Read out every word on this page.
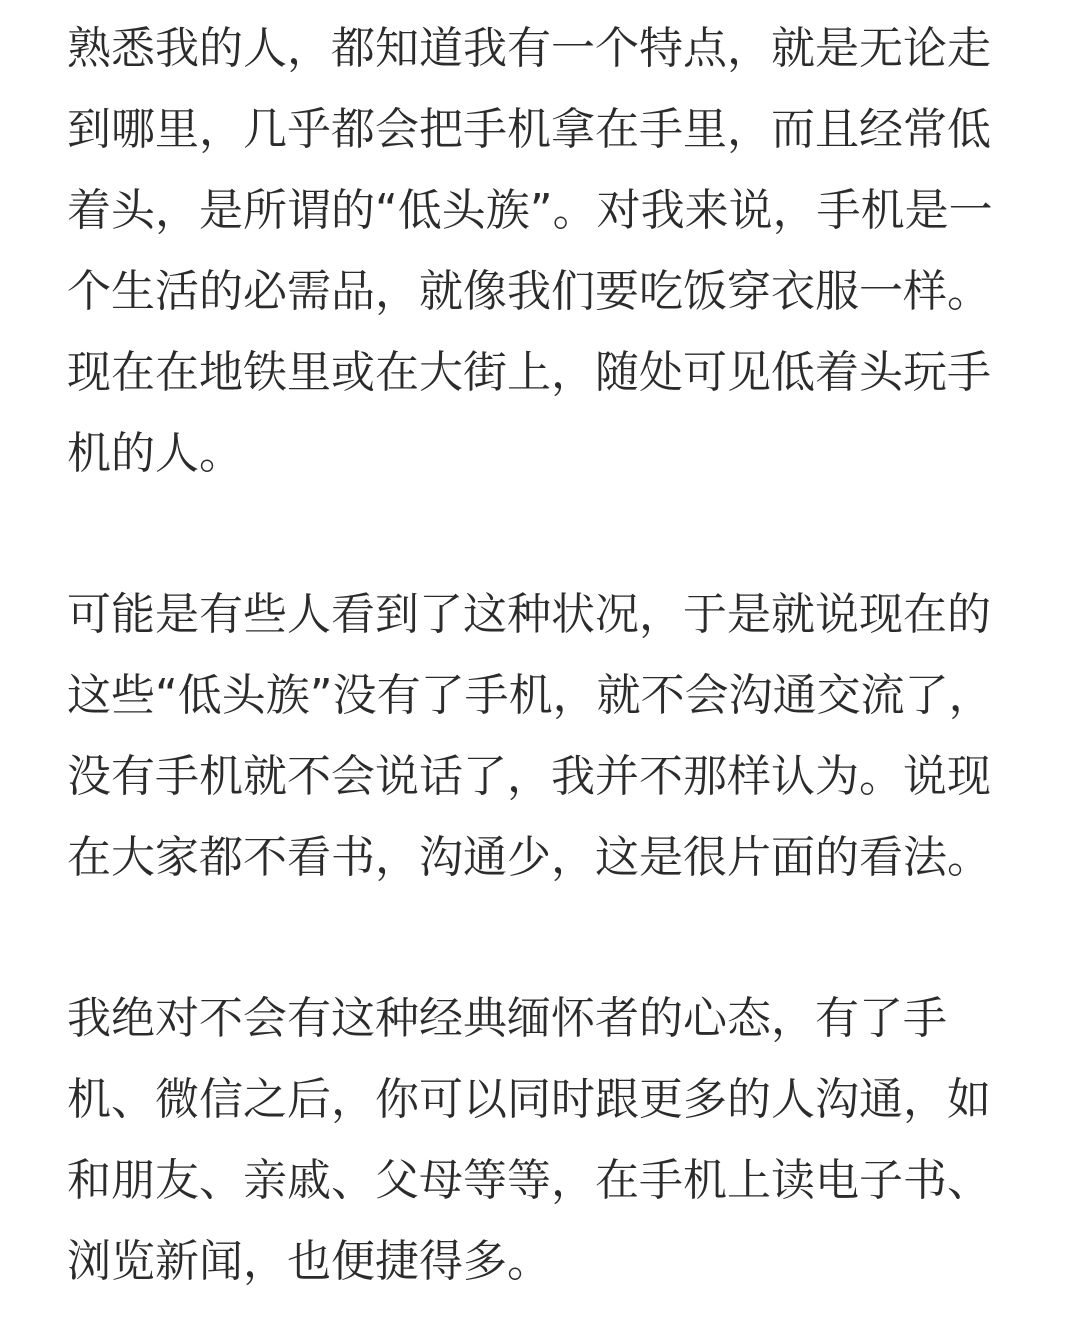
熟悉我的人，都知道我有一个特点，就是无论走
到哪里，几乎都会把手机拿在手里，而且经常低
着头，是所谓的“低头族”。对我来说，手机是一
个生活的必需品，就像我们要吃饭穿衣服一样。
现在在地铁里或在大街上，随处可见低着头玩手
机的人。
可能是有些人看到了这种状况，于是就说现在的
这些“低头族”没有了手机，就不会沟通交流了，
没有手机就不会说话了，我并不那样认为。说现
在大家都不看书，沟通少，这是很片面的看法。
我绝对不会有这种经典缅怀者的心态，有了手
机、微信之后，你可以同时跟更多的人沟通，如
和朋友、亲戚、父母等等，在手机上读电子书、
浏览新闻，也便捷得多。
